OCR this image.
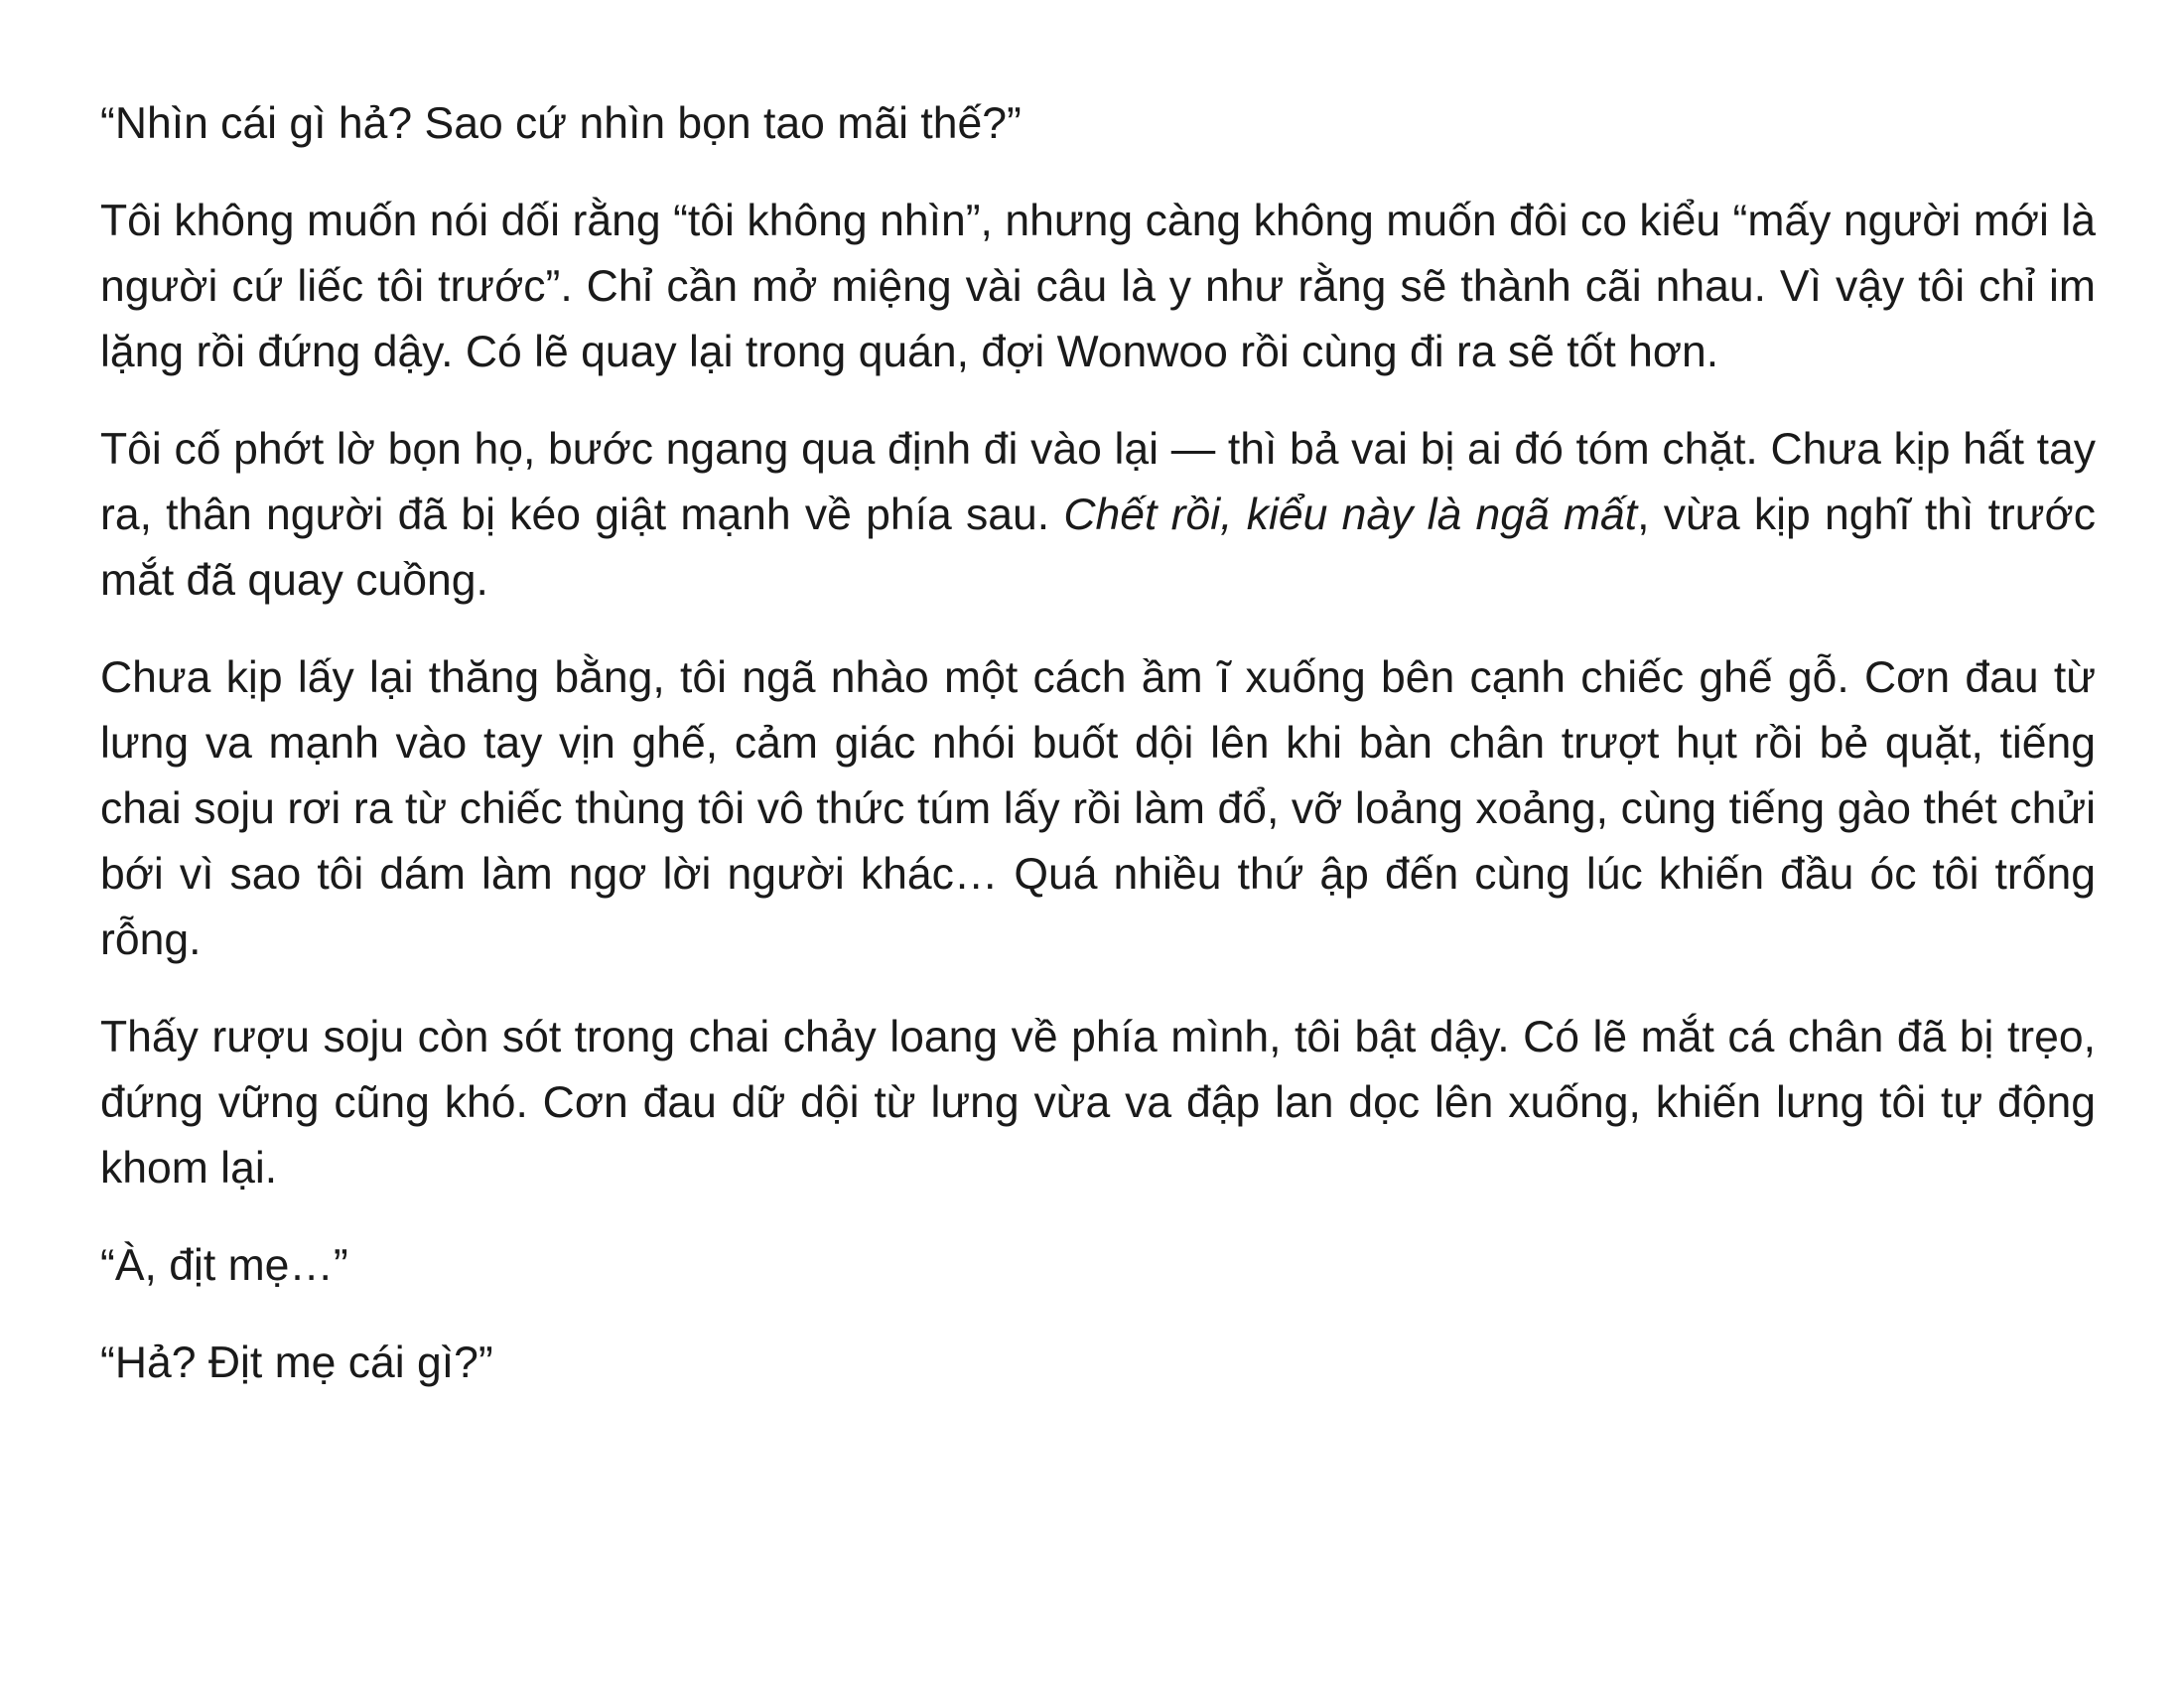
“Nhìn cái gì hả? Sao cứ nhìn bọn tao mãi thế?”

Tôi không muốn nói dối rằng “tôi không nhìn”, nhưng càng không muốn đôi co kiểu “mấy người mới là người cứ liếc tôi trước”. Chỉ cần mở miệng vài câu là y như rằng sẽ thành cãi nhau. Vì vậy tôi chỉ im lặng rồi đứng dậy. Có lẽ quay lại trong quán, đợi Wonwoo rồi cùng đi ra sẽ tốt hơn.

Tôi cố phớt lờ bọn họ, bước ngang qua định đi vào lại — thì bả vai bị ai đó tóm chặt. Chưa kịp hất tay ra, thân người đã bị kéo giật mạnh về phía sau. Chết rồi, kiểu này là ngã mất, vừa kịp nghĩ thì trước mắt đã quay cuồng.

Chưa kịp lấy lại thăng bằng, tôi ngã nhào một cách ầm ĩ xuống bên cạnh chiếc ghế gỗ. Cơn đau từ lưng va mạnh vào tay vịn ghế, cảm giác nhói buốt dội lên khi bàn chân trượt hụt rồi bẻ quặt, tiếng chai soju rơi ra từ chiếc thùng tôi vô thức túm lấy rồi làm đổ, vỡ loảng xoảng, cùng tiếng gào thét chửi bới vì sao tôi dám làm ngơ lời người khác… Quá nhiều thứ ập đến cùng lúc khiến đầu óc tôi trống rỗng.

Thấy rượu soju còn sót trong chai chảy loang về phía mình, tôi bật dậy. Có lẽ mắt cá chân đã bị trẹo, đứng vững cũng khó. Cơn đau dữ dội từ lưng vừa va đập lan dọc lên xuống, khiến lưng tôi tự động khom lại.

“À, địt mẹ…”

“Hả? Địt mẹ cái gì?”
